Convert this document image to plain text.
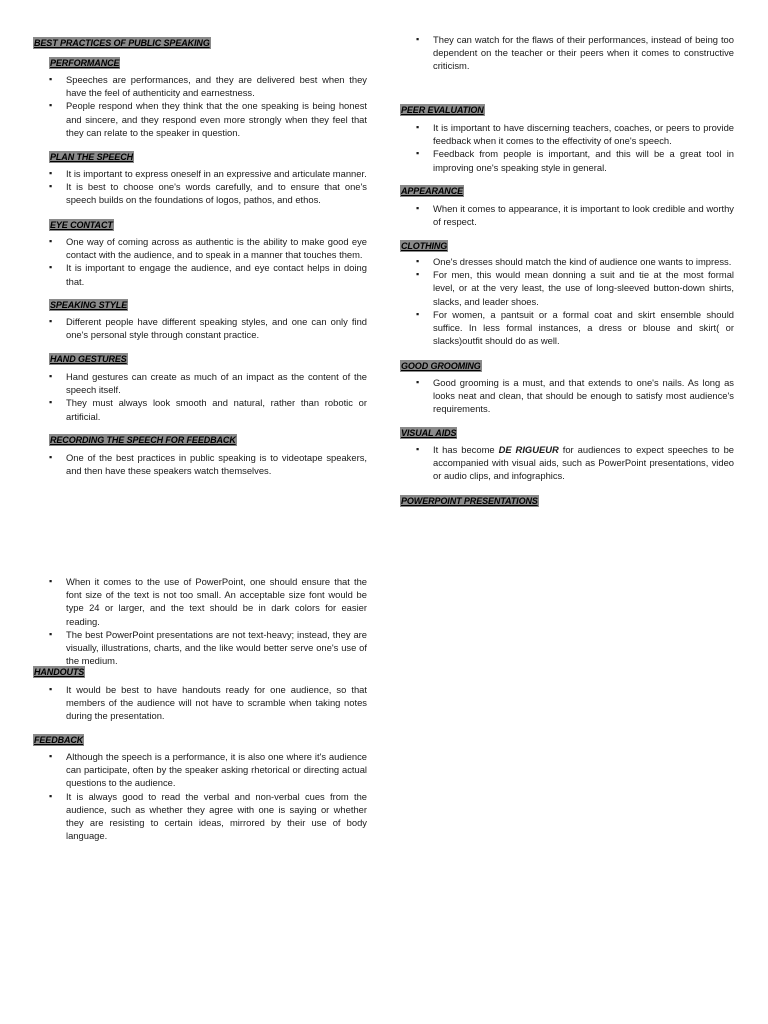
BEST PRACTICES OF PUBLIC SPEAKING
PERFORMANCE
▪ Speeches are performances, and they are delivered best when they have the feel of authenticity and earnestness.
▪ People respond when they think that the one speaking is being honest and sincere, and they respond even more strongly when they feel that they can relate to the speaker in question.
PLAN THE SPEECH
▪ It is important to express oneself in an expressive and articulate manner.
▪ It is best to choose one's words carefully, and to ensure that one's speech builds on the foundations of logos, pathos, and ethos.
EYE CONTACT
▪ One way of coming across as authentic is the ability to make good eye contact with the audience, and to speak in a manner that touches them.
▪ It is important to engage the audience, and eye contact helps in doing that.
SPEAKING STYLE
▪ Different people have different speaking styles, and one can only find one's personal style through constant practice.
HAND GESTURES
▪ Hand gestures can create as much of an impact as the content of the speech itself.
▪ They must always look smooth and natural, rather than robotic or artificial.
RECORDING THE SPEECH FOR FEEDBACK
▪ One of the best practices in public speaking is to videotape speakers, and then have these speakers watch themselves.
▪ When it comes to the use of PowerPoint, one should ensure that the font size of the text is not too small. An acceptable size font would be type 24 or larger, and the text should be in dark colors for easier reading.
▪ The best PowerPoint presentations are not text-heavy; instead, they are visually, illustrations, charts, and the like would better serve one's use of the medium.
HANDOUTS
▪ It would be best to have handouts ready for one audience, so that members of the audience will not have to scramble when taking notes during the presentation.
FEEDBACK
▪ Although the speech is a performance, it is also one where it's audience can participate, often by the speaker asking rhetorical or directing actual questions to the audience.
▪ It is always good to read the verbal and non-verbal cues from the audience, such as whether they agree with one is saying or whether they are resisting to certain ideas, mirrored by their use of body language.
▪ They can watch for the flaws of their performances, instead of being too dependent on the teacher or their peers when it comes to constructive criticism.
PEER EVALUATION
▪ It is important to have discerning teachers, coaches, or peers to provide feedback when it comes to the effectivity of one's speech.
▪ Feedback from people is important, and this will be a great tool in improving one's speaking style in general.
APPEARANCE
▪ When it comes to appearance, it is important to look credible and worthy of respect.
CLOTHING
▪ One's dresses should match the kind of audience one wants to impress.
▪ For men, this would mean donning a suit and tie at the most formal level, or at the very least, the use of long-sleeved button-down shirts, slacks, and leader shoes.
▪ For women, a pantsuit or a formal coat and skirt ensemble should suffice. In less formal instances, a dress or blouse and skirt( or slacks)outfit should do as well.
GOOD GROOMING
▪ Good grooming is a must, and that extends to one's nails. As long as looks neat and clean, that should be enough to satisfy most audience's requirements.
VISUAL AIDS
▪ It has become DE RIGUEUR for audiences to expect speeches to be accompanied with visual aids, such as PowerPoint presentations, video or audio clips, and infographics.
POWERPOINT PRESENTATIONS
